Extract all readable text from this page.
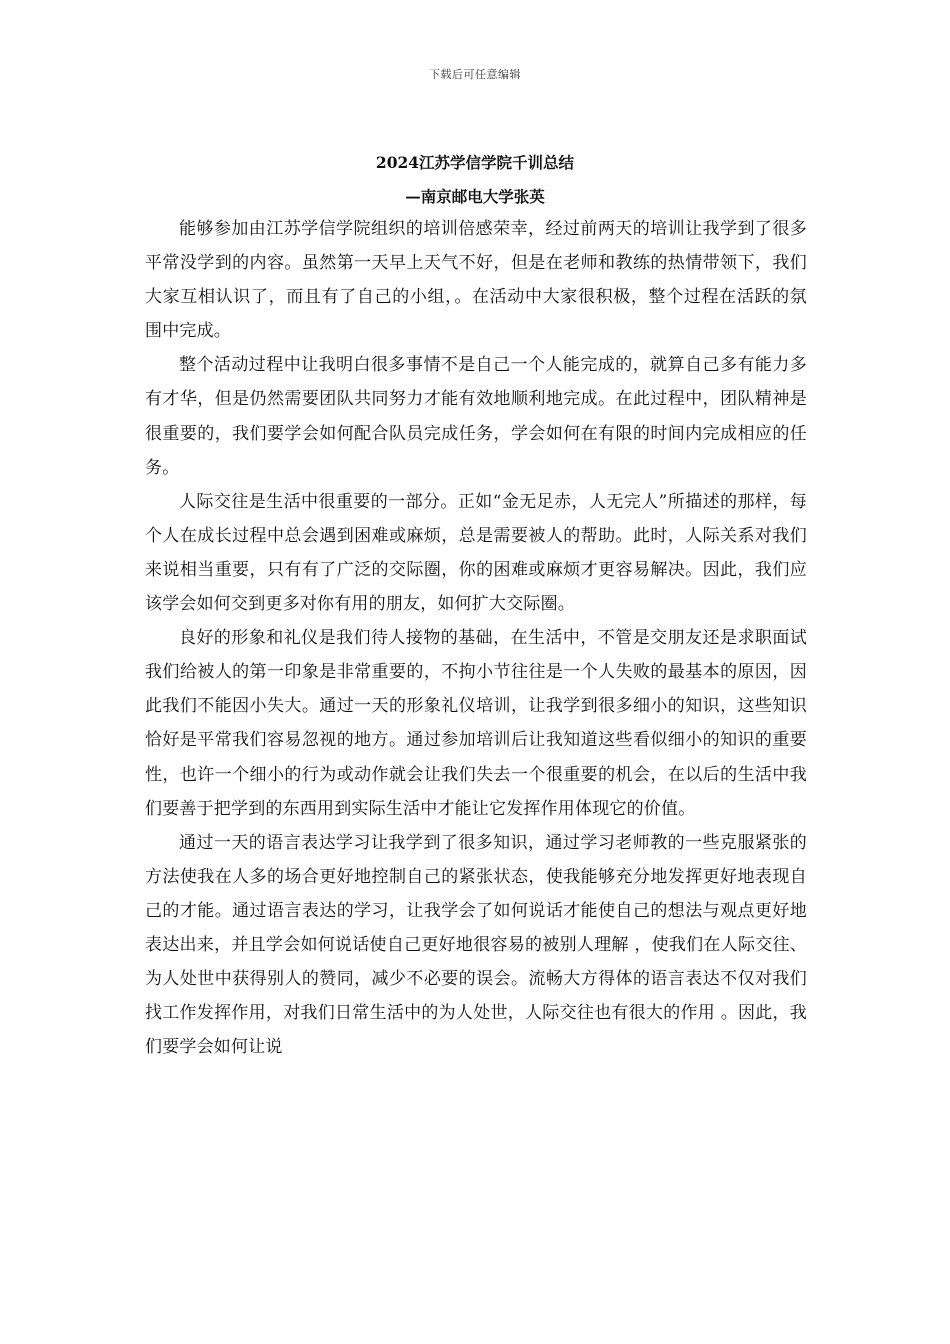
下载后可任意编辑
2024江苏学信学院千训总结
—南京邮电大学张英

能够参加由江苏学信学院组织的培训倍感荣幸，经过前两天的培训让我学到了很多平常没学到的内容。虽然第一天早上天气不好，但是在老师和教练的热情带领下，我们大家互相认识了，而且有了自己的小组，。在活动中大家很积极，整个过程在活跃的氛围中完成。

整个活动过程中让我明白很多事情不是自己一个人能完成的，就算自己多有能力多有才华，但是仍然需要团队共同努力才能有效地顺利地完成。在此过程中，团队精神是很重要的，我们要学会如何配合队员完成任务，学会如何在有限的时间内完成相应的任务。

人际交往是生活中很重要的一部分。正如“金无足赤，人无完人”所描述的那样，每个人在成长过程中总会遇到困难或麻烦，总是需要被人的帮助。此时，人际关系对我们来说相当重要，只有有了广泛的交际圈，你的困难或麻烦才更容易解决。因此，我们应该学会如何交到更多对你有用的朋友，如何扩大交际圈。

良好的形象和礼仪是我们待人接物的基础，在生活中，不管是交朋友还是求职面试我们给被人的第一印象是非常重要的，不拘小节往往是一个人失败的最基本的原因，因此我们不能因小失大。通过一天的形象礼仪培训，让我学到很多细小的知识，这些知识恰好是平常我们容易忽视的地方。通过参加培训后让我知道这些看似细小的知识的重要性，也许一个细小的行为或动作就会让我们失去一个很重要的机会，在以后的生活中我们要善于把学到的东西用到实际生活中才能让它发挥作用体现它的价值。

通过一天的语言表达学习让我学到了很多知识，通过学习老师教的一些克服紧张的方法使我在人多的场合更好地控制自己的紧张状态，使我能够充分地发挥更好地表现自己的才能。通过语言表达的学习，让我学会了如何说话才能使自己的想法与观点更好地表达出来，并且学会如何说话使自己更好地很容易的被别人理解 ，使我们在人际交往、为人处世中获得别人的赞同，减少不必要的误会。流畅大方得体的语言表达不仅对我们找工作发挥作用，对我们日常生活中的为人处世，人际交往也有很大的作用 。因此，我们要学会如何让说
